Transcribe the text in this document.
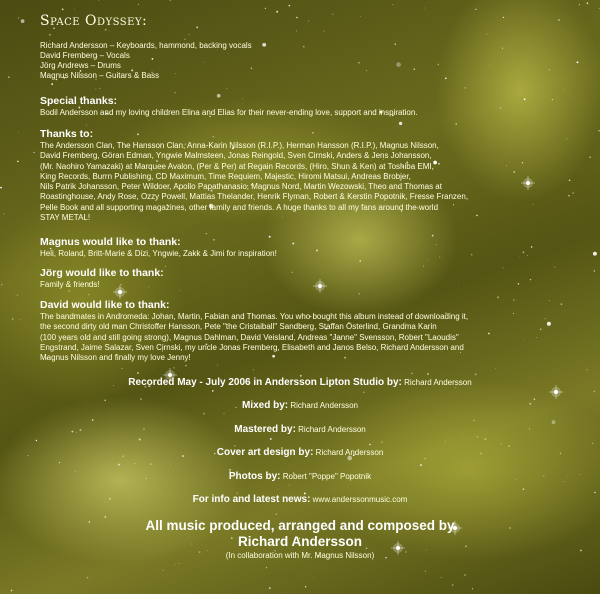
Space Odyssey:
Richard Andersson – Keyboards, hammond, backing vocals
David Fremberg – Vocals
Jörg Andrews – Drums
Magnus Nilsson – Guitars & Bass
Special thanks:
Bodil Andersson and my loving children Elina and Elias for their never-ending love, support and inspiration.
Thanks to:
The Andersson Clan, The Hansson Clan, Anna-Karin Nilsson (R.I.P.), Herman Hansson (R.I.P.), Magnus Nilsson,
David Fremberg, Göran Edman, Yngwie Malmsteen, Jonas Reingold, Sven Cirnski, Anders & Jens Johansson,
(Mr. Naohiro Yamazaki) at Marquee Avalon, (Per & Per) at Regain Records, (Hiro, Shun & Ken) at Toshiba EMI,
King Records, Burrn Publishing, CD Maximum, Time Requiem, Majestic, Hiromi Matsui, Andreas Brobjer,
Nils Patrik Johansson, Peter Wildoer, Apollo Papathanasio, Magnus Nord, Martin Wezowski, Theo and Thomas at
Roastinghouse, Andy Rose, Ozzy Powell, Mattias Thelander, Henrik Flyman, Robert & Kerstin Popotnik, Fresse Franzen,
Pelle Book and all supporting magazines, other family and friends. A huge thanks to all my fans around the world
STAY METAL!
Magnus would like to thank:
Heli, Roland, Britt-Marie & Dizi, Yngwie, Zakk & Jimi for inspiration!
Jörg would like to thank:
Family & friends!
David would like to thank:
The bandmates in Andromeda: Johan, Martin, Fabian and Thomas. You who bought this album instead of downloading it,
the second dirty old man Christoffer Hansson, Pete "the Cristaiball" Sandberg, Staffan Österlind, Grandma Karin
(100 years old and still going strong), Magnus Dahlman, David Veisland, Andreas "Janne" Svensson, Robert "Laoudis"
Engstrand, Jaime Salazar, Sven Cirnski, my uncle Jonas Fremberg, Elisabeth and Janos Belso, Richard Andersson and
Magnus Nilsson and finally my love Jenny!
Recorded May - July 2006 in Andersson Lipton Studio by: Richard Andersson
Mixed by: Richard Andersson
Mastered by: Richard Andersson
Cover art design by: Richard Andersson
Photos by: Robert "Poppe" Popotnik
For info and latest news: www.anderssonmusic.com
All music produced, arranged and composed by
Richard Andersson
(In collaboration with Mr. Magnus Nilsson)
